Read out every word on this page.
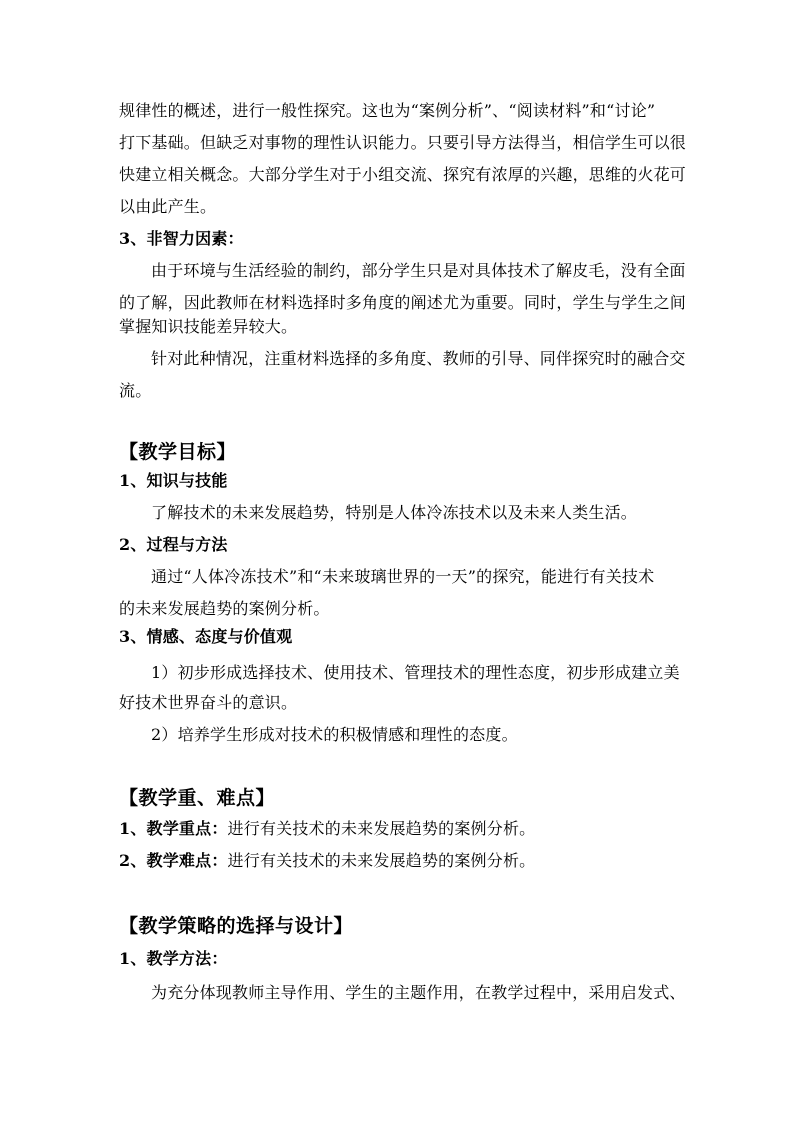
规律性的概述，进行一般性探究。这也为“案例分析”、“阅读材料”和“讨论”
打下基础。但缺乏对事物的理性认识能力。只要引导方法得当，相信学生可以很
快建立相关概念。大部分学生对于小组交流、探究有浓厚的兴趣，思维的火花可
以由此产生。
3、非智力因素：
由于环境与生活经验的制约，部分学生只是对具体技术了解皮毛，没有全面
的了解，因此教师在材料选择时多角度的阐述尤为重要。同时，学生与学生之间
掌握知识技能差异较大。
针对此种情况，注重材料选择的多角度、教师的引导、同伴探究时的融合交
流。
【教学目标】
1、知识与技能
了解技术的未来发展趋势，特别是人体冷冻技术以及未来人类生活。
2、过程与方法
通过“人体冷冻技术”和“未来玻璃世界的一天”的探究，能进行有关技术
的未来发展趋势的案例分析。
3、情感、态度与价值观
1）初步形成选择技术、使用技术、管理技术的理性态度，初步形成建立美
好技术世界奋斗的意识。
2）培养学生形成对技术的积极情感和理性的态度。
【教学重、难点】
1、教学重点：进行有关技术的未来发展趋势的案例分析。
2、教学难点：进行有关技术的未来发展趋势的案例分析。
【教学策略的选择与设计】
1、教学方法：
为充分体现教师主导作用、学生的主题作用，在教学过程中，采用启发式、
